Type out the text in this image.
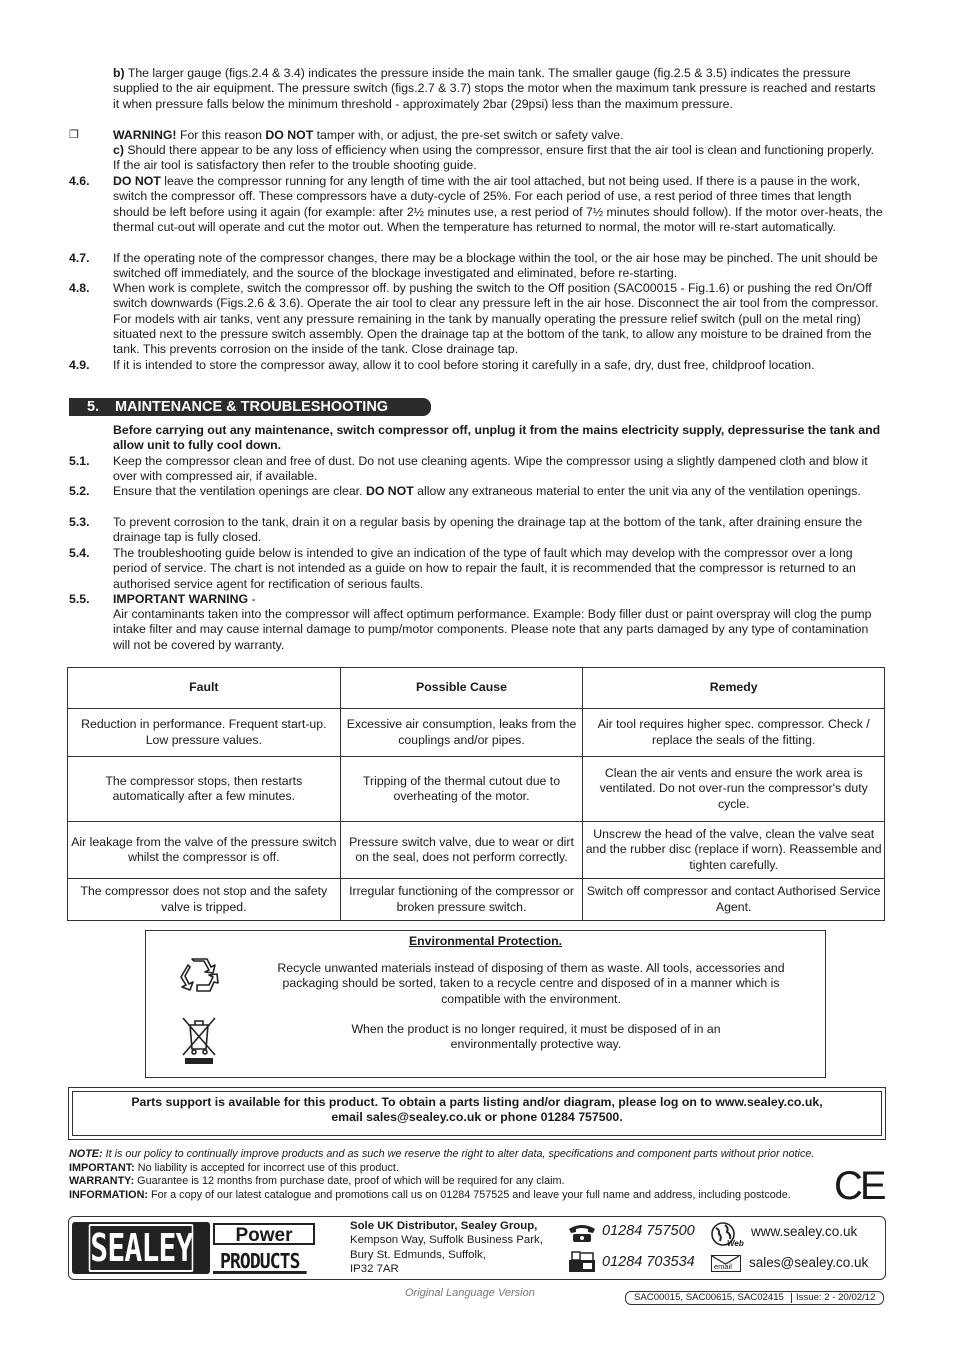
b) The larger gauge (figs.2.4 & 3.4) indicates the pressure inside the main tank. The smaller gauge (fig.2.5 & 3.5) indicates the pressure supplied to the air equipment. The pressure switch (figs.2.7 & 3.7) stops the motor when the maximum tank pressure is reached and restarts it when pressure falls below the minimum threshold - approximately 2bar (29psi) less than the maximum pressure.
❐	WARNING! For this reason DO NOT tamper with, or adjust, the pre-set switch or safety valve.
c) Should there appear to be any loss of efficiency when using the compressor, ensure first that the air tool is clean and functioning properly. If the air tool is satisfactory then refer to the trouble shooting guide.
4.6. DO NOT leave the compressor running for any length of time with the air tool attached, but not being used. If there is a pause in the work, switch the compressor off. These compressors have a duty-cycle of 25%. For each period of use, a rest period of three times that length should be left before using it again (for example: after 2½ minutes use, a rest period of 7½ minutes should follow). If the motor over-heats, the thermal cut-out will operate and cut the motor out. When the temperature has returned to normal, the motor will re-start automatically.
4.7. If the operating note of the compressor changes, there may be a blockage within the tool, or the air hose may be pinched. The unit should be switched off immediately, and the source of the blockage investigated and eliminated, before re-starting.
4.8. When work is complete, switch the compressor off. by pushing the switch to the Off position (SAC00015 - Fig.1.6) or pushing the red On/Off switch downwards (Figs.2.6 & 3.6). Operate the air tool to clear any pressure left in the air hose. Disconnect the air tool from the compressor. For models with air tanks, vent any pressure remaining in the tank by manually operating the pressure relief switch (pull on the metal ring) situated next to the pressure switch assembly. Open the drainage tap at the bottom of the tank, to allow any moisture to be drained from the tank. This prevents corrosion on the inside of the tank. Close drainage tap.
4.9. If it is intended to store the compressor away, allow it to cool before storing it carefully in a safe, dry, dust free, childproof location.
5. MAINTENANCE & TROUBLESHOOTING
Before carrying out any maintenance, switch compressor off, unplug it from the mains electricity supply, depressurise the tank and allow unit to fully cool down.
5.1. Keep the compressor clean and free of dust. Do not use cleaning agents. Wipe the compressor using a slightly dampened cloth and blow it over with compressed air, if available.
5.2. Ensure that the ventilation openings are clear. DO NOT allow any extraneous material to enter the unit via any of the ventilation openings.
5.3. To prevent corrosion to the tank, drain it on a regular basis by opening the drainage tap at the bottom of the tank, after draining ensure the drainage tap is fully closed.
5.4. The troubleshooting guide below is intended to give an indication of the type of fault which may develop with the compressor over a long period of service. The chart is not intended as a guide on how to repair the fault, it is recommended that the compressor is returned to an authorised service agent for rectification of serious faults.
5.5. IMPORTANT WARNING -
Air contaminants taken into the compressor will affect optimum performance. Example: Body filler dust or paint overspray will clog the pump intake filter and may cause internal damage to pump/motor components. Please note that any parts damaged by any type of contamination will not be covered by warranty.
Fault	Possible Cause	Remedy
Reduction in performance. Frequent start-up. Low pressure values.	Excessive air consumption, leaks from the couplings and/or pipes.	Air tool requires higher spec. compressor. Check / replace the seals of the fitting.
The compressor stops, then restarts automatically after a few minutes.	Tripping of the thermal cutout due to overheating of the motor.	Clean the air vents and ensure the work area is ventilated. Do not over-run the compressor's duty cycle.
Air leakage from the valve of the pressure switch whilst the compressor is off.	Pressure switch valve, due to wear or dirt on the seal, does not perform correctly.	Unscrew the head of the valve, clean the valve seat and the rubber disc (replace if worn). Reassemble and tighten carefully.
The compressor does not stop and the safety valve is tripped.	Irregular functioning of the compressor or broken pressure switch.	Switch off compressor and contact Authorised Service Agent.
Environmental Protection.
Recycle unwanted materials instead of disposing of them as waste. All tools, accessories and packaging should be sorted, taken to a recycle centre and disposed of in a manner which is compatible with the environment.
When the product is no longer required, it must be disposed of in an environmentally protective way.
Parts support is available for this product. To obtain a parts listing and/or diagram, please log on to www.sealey.co.uk,
email sales@sealey.co.uk or phone 01284 757500.
NOTE: It is our policy to continually improve products and as such we reserve the right to alter data, specifications and component parts without prior notice.
IMPORTANT: No liability is accepted for incorrect use of this product.
WARRANTY: Guarantee is 12 months from purchase date, proof of which will be required for any claim.
INFORMATION: For a copy of our latest catalogue and promotions call us on 01284 757525 and leave your full name and address, including postcode.	CE
SEALEY	Power
PRODUCTS
Sole UK Distributor, Sealey Group,
Kempson Way, Suffolk Business Park,
Bury St. Edmunds, Suffolk,
IP32 7AR
01284 757500
01284 703534
Web
www.sealey.co.uk
email sales@sealey.co.uk
Original Language Version	SAC00015, SAC00615, SAC02415 Issue: 2 - 20/02/12
